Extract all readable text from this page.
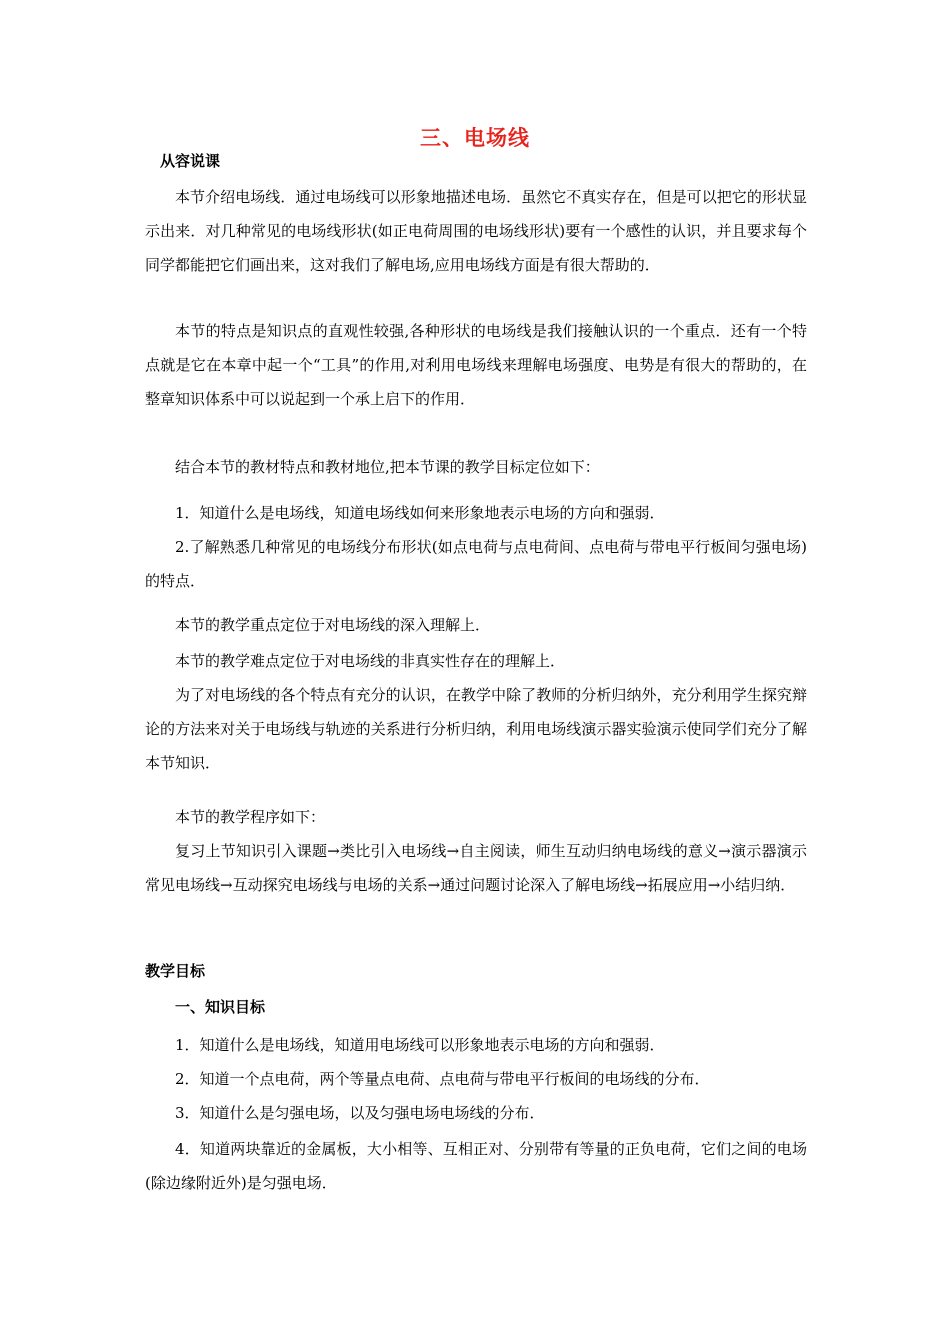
三、电场线
从容说课
本节介绍电场线．通过电场线可以形象地描述电场．虽然它不真实存在，但是可以把它的形状显示出来．对几种常见的电场线形状(如正电荷周围的电场线形状)要有一个感性的认识，并且要求每个同学都能把它们画出来，这对我们了解电场,应用电场线方面是有很大帮助的．
本节的特点是知识点的直观性较强,各种形状的电场线是我们接触认识的一个重点．还有一个特点就是它在本章中起一个“工具”的作用,对利用电场线来理解电场强度、电势是有很大的帮助的，在整章知识体系中可以说起到一个承上启下的作用．
结合本节的教材特点和教材地位,把本节课的教学目标定位如下：
1．知道什么是电场线，知道电场线如何来形象地表示电场的方向和强弱．
2.了解熟悉几种常见的电场线分布形状(如点电荷与点电荷间、点电荷与带电平行板间匀强电场)的特点．
本节的教学重点定位于对电场线的深入理解上．
本节的教学难点定位于对电场线的非真实性存在的理解上．
为了对电场线的各个特点有充分的认识，在教学中除了教师的分析归纳外，充分利用学生探究辩论的方法来对关于电场线与轨迹的关系进行分析归纳，利用电场线演示器实验演示使同学们充分了解本节知识．
本节的教学程序如下：
复习上节知识引入课题→类比引入电场线→自主阅读，师生互动归纳电场线的意义→演示器演示常见电场线→互动探究电场线与电场的关系→通过问题讨论深入了解电场线→拓展应用→小结归纳．
教学目标
一、知识目标
1．知道什么是电场线，知道用电场线可以形象地表示电场的方向和强弱．
2．知道一个点电荷，两个等量点电荷、点电荷与带电平行板间的电场线的分布．
3．知道什么是匀强电场，以及匀强电场电场线的分布．
4．知道两块靠近的金属板，大小相等、互相正对、分别带有等量的正负电荷，它们之间的电场(除边缘附近外)是匀强电场．
